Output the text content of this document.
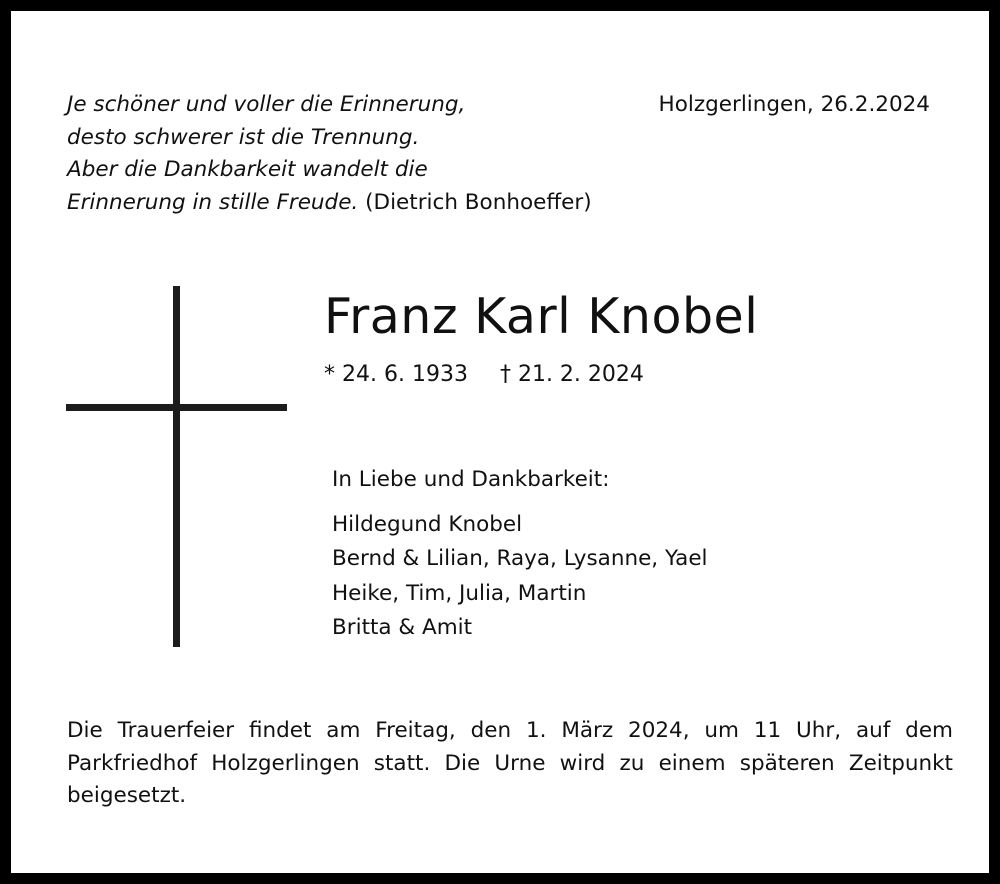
Je schöner und voller die Erinnerung,
desto schwerer ist die Trennung.
Aber die Dankbarkeit wandelt die
Erinnerung in stille Freude. (Dietrich Bonhoeffer)
Holzgerlingen, 26.2.2024
Franz Karl Knobel
* 24. 6. 1933 † 21. 2. 2024
In Liebe und Dankbarkeit:
Hildegund Knobel
Bernd & Lilian, Raya, Lysanne, Yael
Heike, Tim, Julia, Martin
Britta & Amit
Die Trauerfeier findet am Freitag, den 1. März 2024, um 11 Uhr, auf dem Parkfriedhof Holzgerlingen statt. Die Urne wird zu einem späteren Zeitpunkt beigesetzt.
